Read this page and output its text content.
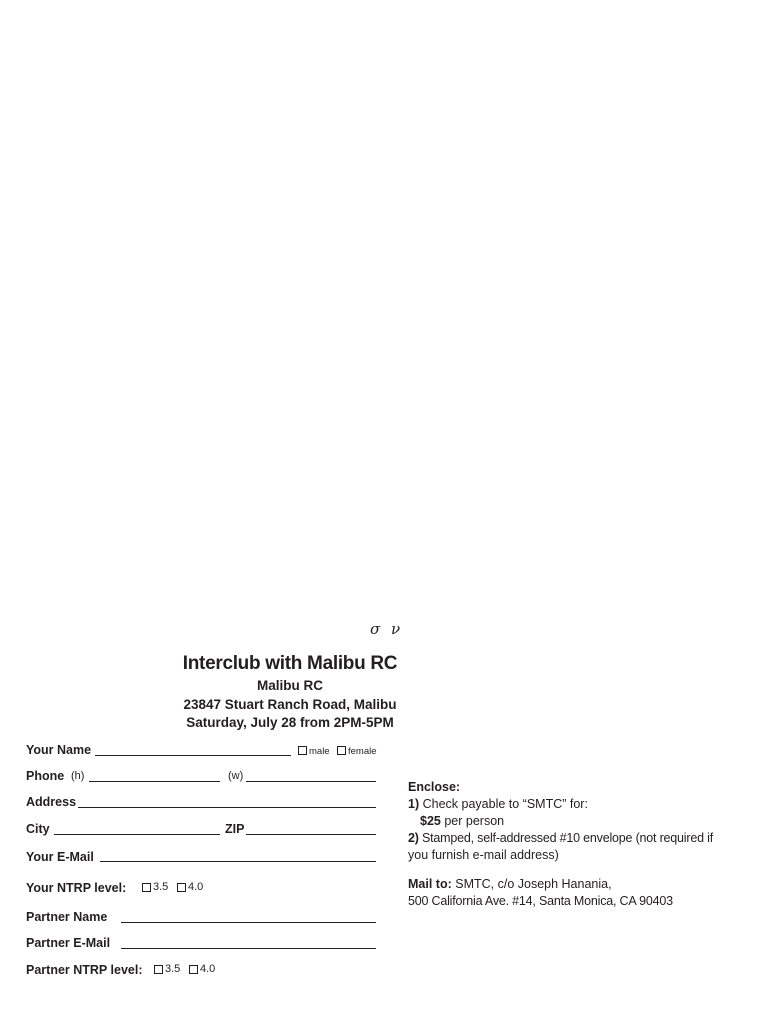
σ ν
Interclub with Malibu RC
Malibu RC
23847 Stuart Ranch Road, Malibu
Saturday, July 28 from 2PM-5PM
Your Name	male female
Phone (h)	(w)
Address
City	ZIP
Your E-Mail
Your NTRP level: 3.5 4.0
Partner Name
Partner E-Mail
Partner NTRP level: 3.5 4.0
Enclose:
1) Check payable to “SMTC” for:
$25 per person
2) Stamped, self-addressed #10 envelope (not required if
you furnish e-mail address)
Mail to: SMTC, c/o Joseph Hanania,
500 California Ave. #14, Santa Monica, CA 90403
